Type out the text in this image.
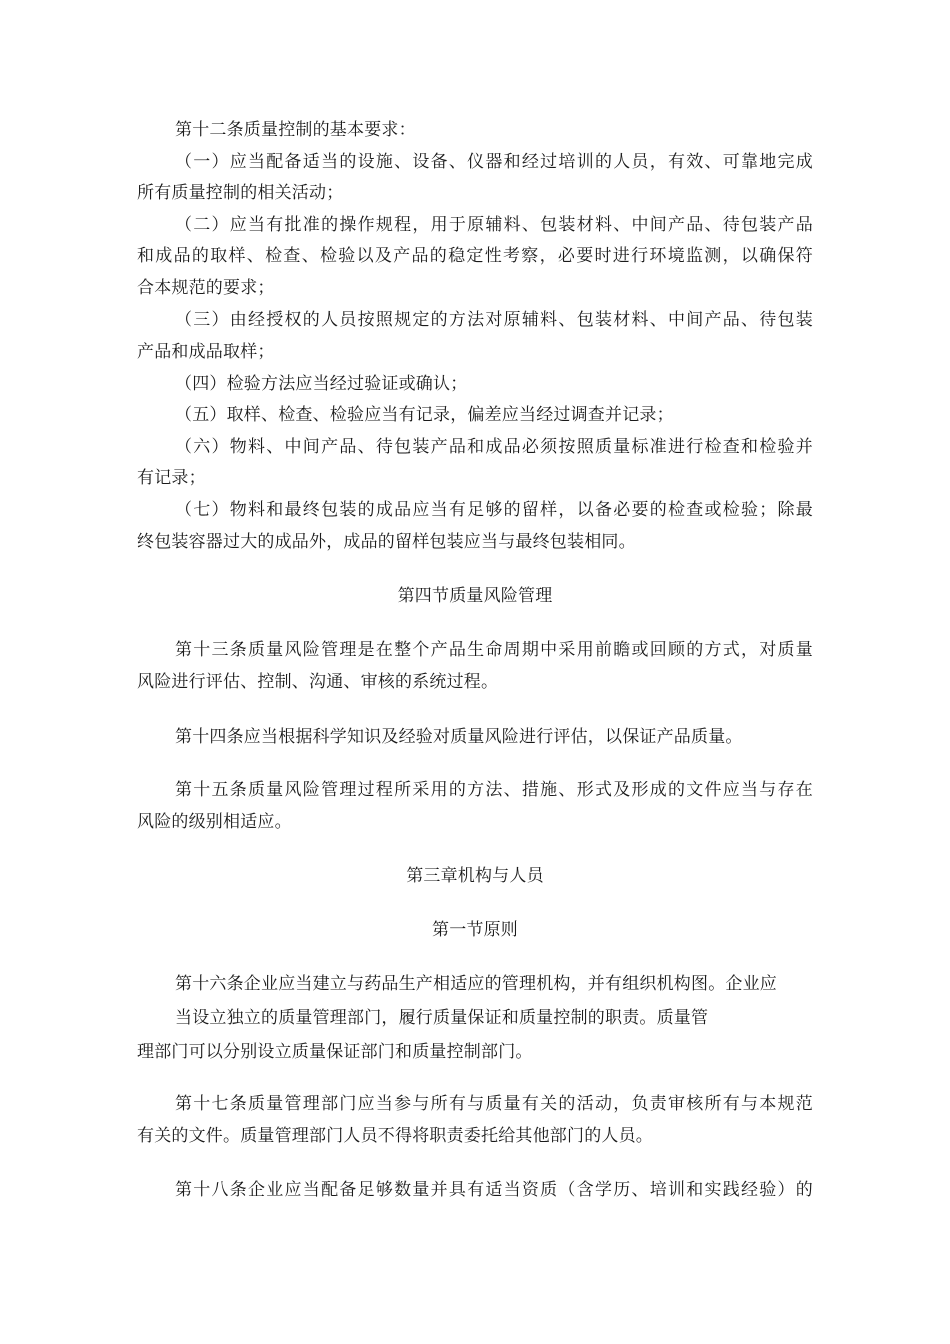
第十二条质量控制的基本要求：

（一）应当配备适当的设施、设备、仪器和经过培训的人员，有效、可靠地完成

所有质量控制的相关活动；

（二）应当有批准的操作规程，用于原辅料、包装材料、中间产品、待包装产品

和成品的取样、检查、检验以及产品的稳定性考察，必要时进行环境监测，以确保符

合本规范的要求；

（三）由经授权的人员按照规定的方法对原辅料、包装材料、中间产品、待包装

产品和成品取样；

（四）检验方法应当经过验证或确认；

（五）取样、检查、检验应当有记录，偏差应当经过调查并记录；

（六）物料、中间产品、待包装产品和成品必须按照质量标准进行检查和检验并

有记录；

（七）物料和最终包装的成品应当有足够的留样，以备必要的检查或检验；除最

终包装容器过大的成品外，成品的留样包装应当与最终包装相同。

第四节质量风险管理

第十三条质量风险管理是在整个产品生命周期中采用前瞻或回顾的方式，对质量

风险进行评估、控制、沟通、审核的系统过程。

第十四条应当根据科学知识及经验对质量风险进行评估，以保证产品质量。

第十五条质量风险管理过程所采用的方法、措施、形式及形成的文件应当与存在

风险的级别相适应。

第三章机构与人员

第一节原则

第十六条企业应当建立与药品生产相适应的管理机构，并有组织机构图。企业应

当设立独立的质量管理部门，履行质量保证和质量控制的职责。质量管

理部门可以分别设立质量保证部门和质量控制部门。

第十七条质量管理部门应当参与所有与质量有关的活动，负责审核所有与本规范

有关的文件。质量管理部门人员不得将职责委托给其他部门的人员。

第十八条企业应当配备足够数量并具有适当资质（含学历、培训和实践经验）的
